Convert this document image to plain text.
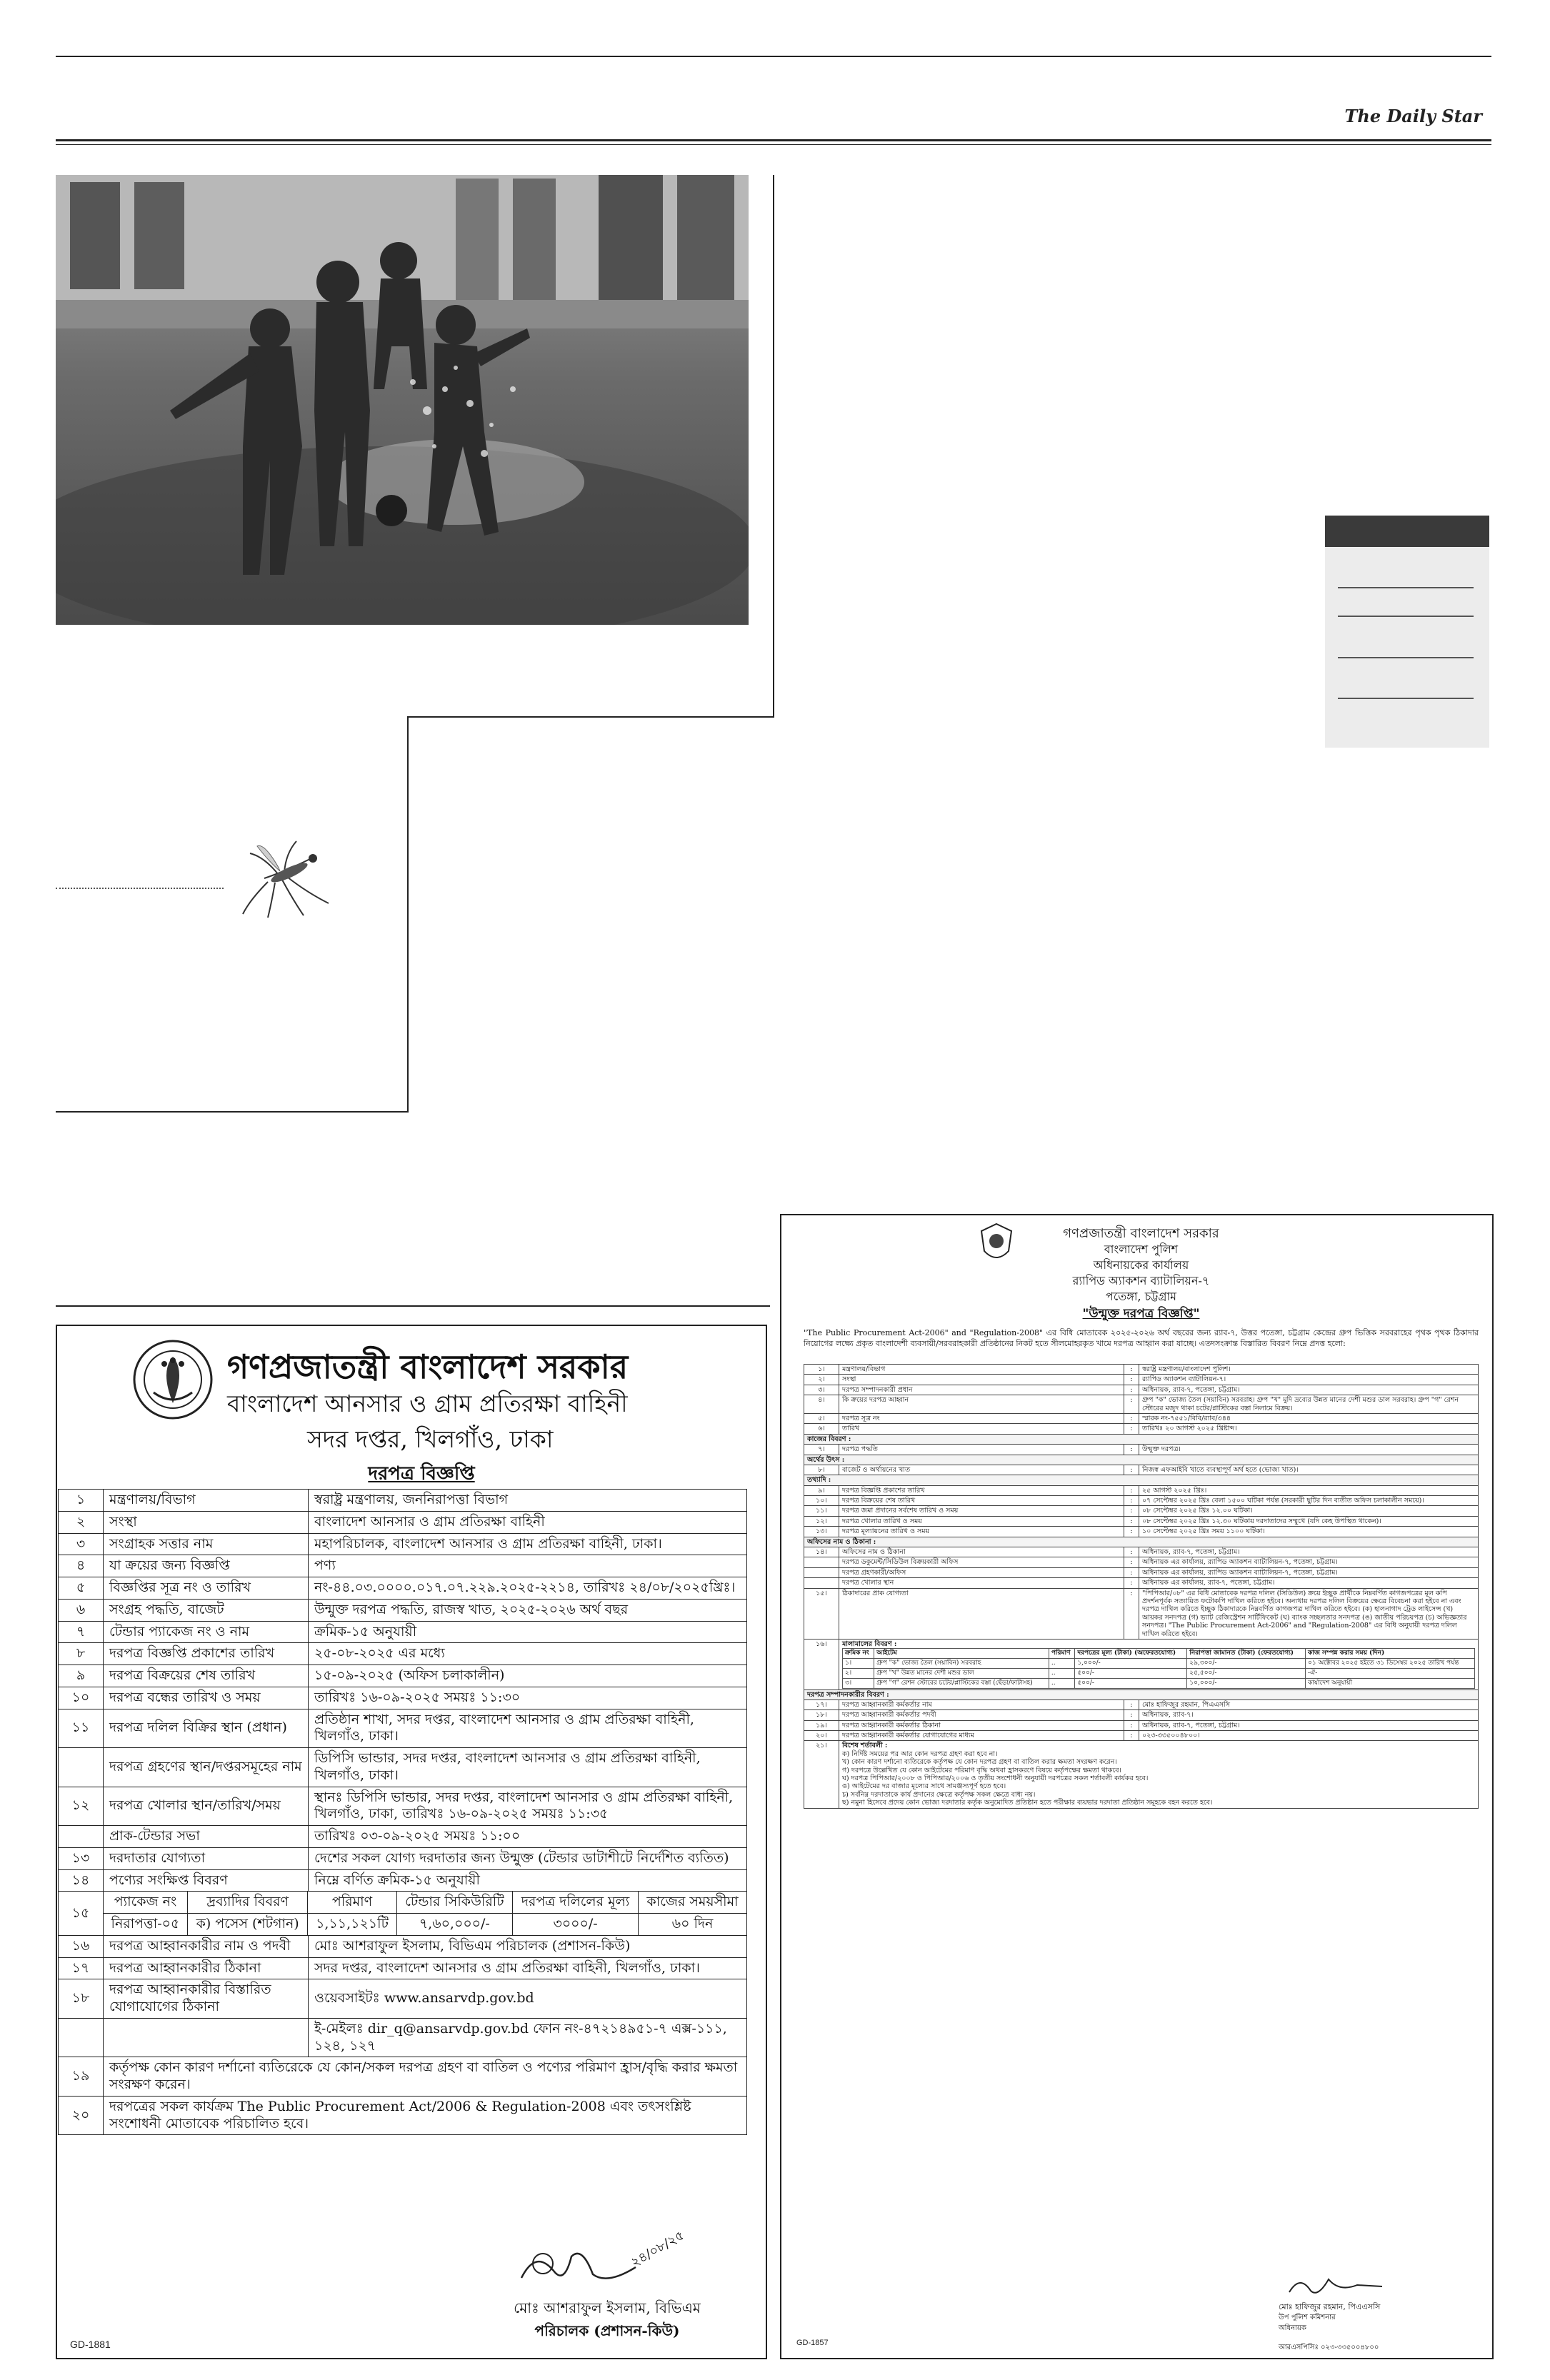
The Daily Star
গণপ্রজাতন্ত্রী বাংলাদেশ সরকার
বাংলাদেশ আনসার ও গ্রাম প্রতিরক্ষা বাহিনী
সদর দপ্তর, খিলগাঁও, ঢাকা
দরপত্র বিজ্ঞপ্তি
১	মন্ত্রণালয়/বিভাগ	স্বরাষ্ট্র মন্ত্রণালয়, জননিরাপত্তা বিভাগ
২	সংস্থা	বাংলাদেশ আনসার ও গ্রাম প্রতিরক্ষা বাহিনী
৩	সংগ্রাহক সত্তার নাম	মহাপরিচালক, বাংলাদেশ আনসার ও গ্রাম প্রতিরক্ষা বাহিনী, ঢাকা।
৪	যা ক্রয়ের জন্য বিজ্ঞপ্তি	পণ্য
৫	বিজ্ঞপ্তির সূত্র নং ও তারিখ	নং-৪৪.০৩.০০০০.০১৭.০৭.২২৯.২০২৫-২২১৪, তারিখঃ ২৪/০৮/২০২৫খ্রিঃ।
৬	সংগ্রহ পদ্ধতি, বাজেট	উন্মুক্ত দরপত্র পদ্ধতি, রাজস্ব খাত, ২০২৫-২০২৬ অর্থ বছর
৭	টেন্ডার প্যাকেজ নং ও নাম	ক্রমিক-১৫ অনুযায়ী
৮	দরপত্র বিজ্ঞপ্তি প্রকাশের তারিখ	২৫-০৮-২০২৫ এর মধ্যে
৯	দরপত্র বিক্রয়ের শেষ তারিখ	১৫-০৯-২০২৫ (অফিস চলাকালীন)
১০	দরপত্র বন্ধের তারিখ ও সময়	তারিখঃ ১৬-০৯-২০২৫ সময়ঃ ১১:৩০
১১	দরপত্র দলিল বিক্রির স্থান (প্রধান)	প্রতিষ্ঠান শাখা, সদর দপ্তর, বাংলাদেশ আনসার ও গ্রাম প্রতিরক্ষা বাহিনী, খিলগাঁও, ঢাকা।
	দরপত্র গ্রহণের স্থান/দপ্তরসমূহের নাম	ডিপিসি ভান্ডার, সদর দপ্তর, বাংলাদেশ আনসার ও গ্রাম প্রতিরক্ষা বাহিনী, খিলগাঁও, ঢাকা।
১২	দরপত্র খোলার স্থান/তারিখ/সময়	স্থানঃ ডিপিসি ভান্ডার, সদর দপ্তর, বাংলাদেশ আনসার ও গ্রাম প্রতিরক্ষা বাহিনী, খিলগাঁও, ঢাকা, তারিখঃ ১৬-০৯-২০২৫ সময়ঃ ১১:৩৫
	প্রাক-টেন্ডার সভা	তারিখঃ ০৩-০৯-২০২৫ সময়ঃ ১১:০০
১৩	দরদাতার যোগ্যতা	দেশের সকল যোগ্য দরদাতার জন্য উন্মুক্ত (টেন্ডার ডাটাশীটে নির্দেশিত ব্যতিত)
১৪	পণ্যের সংক্ষিপ্ত বিবরণ	নিম্নে বর্ণিত ক্রমিক-১৫ অনুযায়ী
১৫	
প্যাকেজ নং	দ্রব্যাদির বিবরণ	পরিমাণ	টেন্ডার সিকিউরিটি	দরপত্র দলিলের মূল্য	কাজের সময়সীমা
নিরাপত্তা-০৫	ক) পসেস (শটগান)	১,১১,১২১টি	৭,৬০,০০০/-	৩০০০/-	৬০ দিন

১৬	দরপত্র আহ্বানকারীর নাম ও পদবী	মোঃ আশরাফুল ইসলাম, বিভিএম পরিচালক (প্রশাসন-কিউ)
১৭	দরপত্র আহ্বানকারীর ঠিকানা	সদর দপ্তর, বাংলাদেশ আনসার ও গ্রাম প্রতিরক্ষা বাহিনী, খিলগাঁও, ঢাকা।
১৮	দরপত্র আহ্বানকারীর বিস্তারিত যোগাযোগের ঠিকানা	ওয়েবসাইটঃ www.ansarvdp.gov.bd
		ই-মেইলঃ dir_q@ansarvdp.gov.bd ফোন নং-৪৭২১৪৯৫১-৭ এক্স-১১১, ১২৪, ১২৭
১৯	কর্তৃপক্ষ কোন কারণ দর্শানো ব্যতিরেকে যে কোন/সকল দরপত্র গ্রহণ বা বাতিল ও পণ্যের পরিমাণ হ্রাস/বৃদ্ধি করার ক্ষমতা সংরক্ষণ করেন।
২০	দরপত্রের সকল কার্যক্রম The Public Procurement Act/2006 & Regulation-2008 এবং তৎসংশ্লিষ্ট সংশোধনী মোতাবেক পরিচালিত হবে।
২৪/০৮/২৫
মোঃ আশরাফুল ইসলাম, বিভিএম
পরিচালক (প্রশাসন-কিউ)
GD-1881
গণপ্রজাতন্ত্রী বাংলাদেশ সরকার
বাংলাদেশ পুলিশ
অধিনায়কের কার্যালয়
র‌্যাপিড অ্যাকশন ব্যাটালিয়ন-৭
পতেঙ্গা, চট্টগ্রাম
"উন্মুক্ত দরপত্র বিজ্ঞপ্তি"
"The Public Procurement Act-2006" and "Regulation-2008" এর বিধি মোতাবেক ২০২৫-২০২৬ অর্থ বছরের জন্য র‌্যাব-৭, উত্তর পতেঙ্গা, চট্টগ্রাম কেন্দ্রের গ্রুপ ভিত্তিক সরবরাহের পৃথক পৃথক ঠিকাদার নিয়োগের লক্ষ্যে প্রকৃত বাংলাদেশী ব্যবসায়ী/সরবরাহকারী প্রতিষ্ঠানের নিকট হতে সীলমোহরকৃত খামে দরপত্র আহ্বান করা যাচ্ছে। এতদসংক্রান্ত বিস্তারিত বিবরণ নিম্নে প্রদত্ত হলো:
১।	মন্ত্রণালয়/বিভাগ	:	স্বরাষ্ট্র মন্ত্রণালয়/বাংলাদেশ পুলিশ।
২।	সংস্থা	:	র‌্যাপিড অ্যাকশন ব্যাটালিয়ন-৭।
৩।	দরপত্র সম্পাদনকারী প্রধান	:	অধিনায়ক, র‌্যাব-৭, পতেঙ্গা, চট্টগ্রাম।
৪।	কি ক্রয়ের দরপত্র আহ্বান	:	গ্রুপ "ক" ভোজ্য তৈল (সয়াবিন) সরবরাহ। গ্রুপ "খ" মুদি দ্রব্যের উন্নত মানের দেশী মশুর ডাল সরবরাহ। গ্রুপ "গ" রেশন স্টোরের মজুদ থাকা চটের/প্লাস্টিকের বস্তা নিলামে বিক্রয়।
৫।	দরপত্র সূত্র নং	:	স্মারক নং-৭৫৫১/বিবি/র‌্যাব/৩৪৪
৬।	তারিখ	:	তারিখঃ ২০ আগস্ট ২০২৫ খ্রিষ্টাব্দ।
কাজের বিবরণ :
৭।	দরপত্র পদ্ধতি	:	উন্মুক্ত দরপত্র।
অর্থের উৎস :
৮।	বাজেট ও অর্থায়নের খাত	:	নিজস্ব এফআইবি খাতে ব্যবস্থাপূর্ণ অর্থ হতে (ভোজ্য খাত)।
তথ্যাদি :
৯।	দরপত্র বিজ্ঞপ্তি প্রকাশের তারিখ	:	২৫ আগস্ট ২০২৫ খ্রিঃ।
১০।	দরপত্র বিক্রয়ের শেষ তারিখ	:	০৭ সেপ্টেম্বর ২০২৫ খ্রিঃ বেলা ১৫০০ ঘটিকা পর্যন্ত (সরকারী ছুটির দিন ব্যতীত অফিস চলাকালীন সময়ে)।
১১।	দরপত্র জমা প্রদানের সর্বশেষ তারিখ ও সময়	:	০৮ সেপ্টেম্বর ২০২৫ খ্রিঃ ১২.০০ ঘটিকা।
১২।	দরপত্র খোলার তারিখ ও সময়	:	০৮ সেপ্টেম্বর ২০২৫ খ্রিঃ ১২.৩০ ঘটিকায় দরদাতাদের সম্মুখে (যদি কেহ উপস্থিত থাকেন)।
১৩।	দরপত্র মূল্যায়নের তারিখ ও সময়	:	১০ সেপ্টেম্বর ২০২৫ খ্রিঃ সময় ১১০০ ঘটিকা।
অফিসের নাম ও ঠিকানা :
১৪।	অফিসের নাম ও ঠিকানা	:	অধিনায়ক, র‌্যাব-৭, পতেঙ্গা, চট্টগ্রাম।
	দরপত্র ডকুমেন্ট/সিডিউল বিক্রয়কারী অফিস	:	অধিনায়ক এর কার্যালয়, র‌্যাপিড অ্যাকশন ব্যাটালিয়ন-৭, পতেঙ্গা, চট্টগ্রাম।
	দরপত্র গ্রহণকারী/অফিস	:	অধিনায়ক এর কার্যালয়, র‌্যাপিড অ্যাকশন ব্যাটালিয়ন-৭, পতেঙ্গা, চট্টগ্রাম।
	দরপত্র খোলার স্থান	:	অধিনায়ক এর কার্যালয়, র‌্যাব-৭, পতেঙ্গা, চট্টগ্রাম।
১৫।	ঠিকাদারের প্রাক যোগ্যতা	:	"পিপিআর/০৮" এর বিধি মোতাবেক দরপত্র দলিল (সিডিউল) ক্রয়ে ইচ্ছুক প্রার্থীকে নিম্নবর্ণিত কাগজপত্রের মূল কপি প্রদর্শনপূর্বক সত্যায়িত ফটোকপি দাখিল করিতে হইবে। অন্যথায় দরপত্র দলিল বিক্রয়ের ক্ষেত্রে বিবেচনা করা হইবে না এবং দরপত্র দাখিল করিতে ইচ্ছুক ঠিকাদারকে নিম্নবর্ণিত কাগজপত্র দাখিল করিতে হইবে। (ক) হালনাগাদ ট্রেড লাইসেন্স (খ) আয়কর সনদপত্র (গ) ভ্যাট রেজিস্ট্রেশন সার্টিফিকেট (ঘ) ব্যাংক সচ্ছলতার সনদপত্র (ঙ) জাতীয় পরিচয়পত্র (চ) অভিজ্ঞতার সনদপত্র। "The Public Procurement Act-2006" and "Regulation-2008" এর বিধি অনুযায়ী দরপত্র দলিল দাখিল করিতে হইবে।
১৬।	মালামালের বিবরণ :
ক্রমিক নং	আইটেম	পরিমাণ	দরপত্রের মূল্য (টাকা) (অফেরতযোগ্য)	নিরাপত্তা জামানত (টাকা) (ফেরতযোগ্য)	কাজ সম্পন্ন করার সময় (দিন)
১।	গ্রুপ "ক" ভোজ্য তৈল (সয়াবিন) সরবরাহ	..	১,০০০/-	২৯,৩০০/-	০১ অক্টোবর ২০২৫ হইতে ৩১ ডিসেম্বর ২০২৫ তারিখ পর্যন্ত
২।	গ্রুপ "খ" উন্নত মানের দেশী মশুর ডাল	..	৫০০/-	২৫,৫০০/-	-ঐ-
৩।	গ্রুপ "গ" রেশন স্টোরের চটের/প্লাস্টিকের বস্তা (ছেঁড়া/ফাটাসহ)	..	৫০০/-	১০,০০০/-	কার্যাদেশ অনুযায়ী

দরপত্র সম্পাদনকারীর বিবরণ :
১৭।	দরপত্র আহ্বানকারী কর্মকর্তার নাম	:	মোঃ হাফিজুর রহমান, পিএএসসি
১৮।	দরপত্র আহ্বানকারী কর্মকর্তার পদবী	:	অধিনায়ক, র‌্যাব-৭।
১৯।	দরপত্র আহ্বানকারী কর্মকর্তার ঠিকানা	:	অধিনায়ক, র‌্যাব-৭, পতেঙ্গা, চট্টগ্রাম।
২০।	দরপত্র আহ্বানকারী কর্মকর্তার যোগাযোগের মাধ্যম	:	০২৩-৩৩৫০০৪৮০০।
২১।	বিশেষ শর্তাবলী :
ক) নির্দিষ্ট সময়ের পর আর কোন দরপত্র গ্রহণ করা হবে না।
খ) কোন কারণ দর্শানো ব্যতিরেকে কর্তৃপক্ষ যে কোন দরপত্র গ্রহণ বা বাতিল করার ক্ষমতা সংরক্ষণ করেন।
গ) দরপত্রে উল্লেখিত যে কোন আইটেমের পরিমাণ বৃদ্ধি অথবা হ্রাসকরণে বিষয়ে কর্তৃপক্ষের ক্ষমতা থাকবে।
ঘ) দরপত্র পিপিআর/২০০৮ ও পিপিআর/২০০৬ ও তৃতীয় সংশোধনী অনুযায়ী দরপত্রের সকল শর্তাবলী কার্যকর হবে।
ঙ) আইটেমের দর বাজার মূল্যের সাথে সামঞ্জস্যপূর্ণ হতে হবে।
চ) সর্বনিম্ন দরদাতাকে কার্য প্রদানের ক্ষেত্রে কর্তৃপক্ষ সকল ক্ষেত্রে বাধ্য নয়।
ছ) নমুনা হিসেবে প্রদেয় কোন ভোজ্য দরদাতার কর্তৃক অনুমোদিত প্রতিষ্ঠান হতে পরীক্ষার ব্যয়ভার দরদাতা প্রতিষ্ঠান সমূহকে বহন করতে হবে।
মোঃ হাফিজুর রহমান, পিএএসসি
উপ পুলিশ কমিশনার
অধিনায়ক
আরএসপিসিঃ ০২৩-৩৩৫০০৪৮০০
GD-1857
